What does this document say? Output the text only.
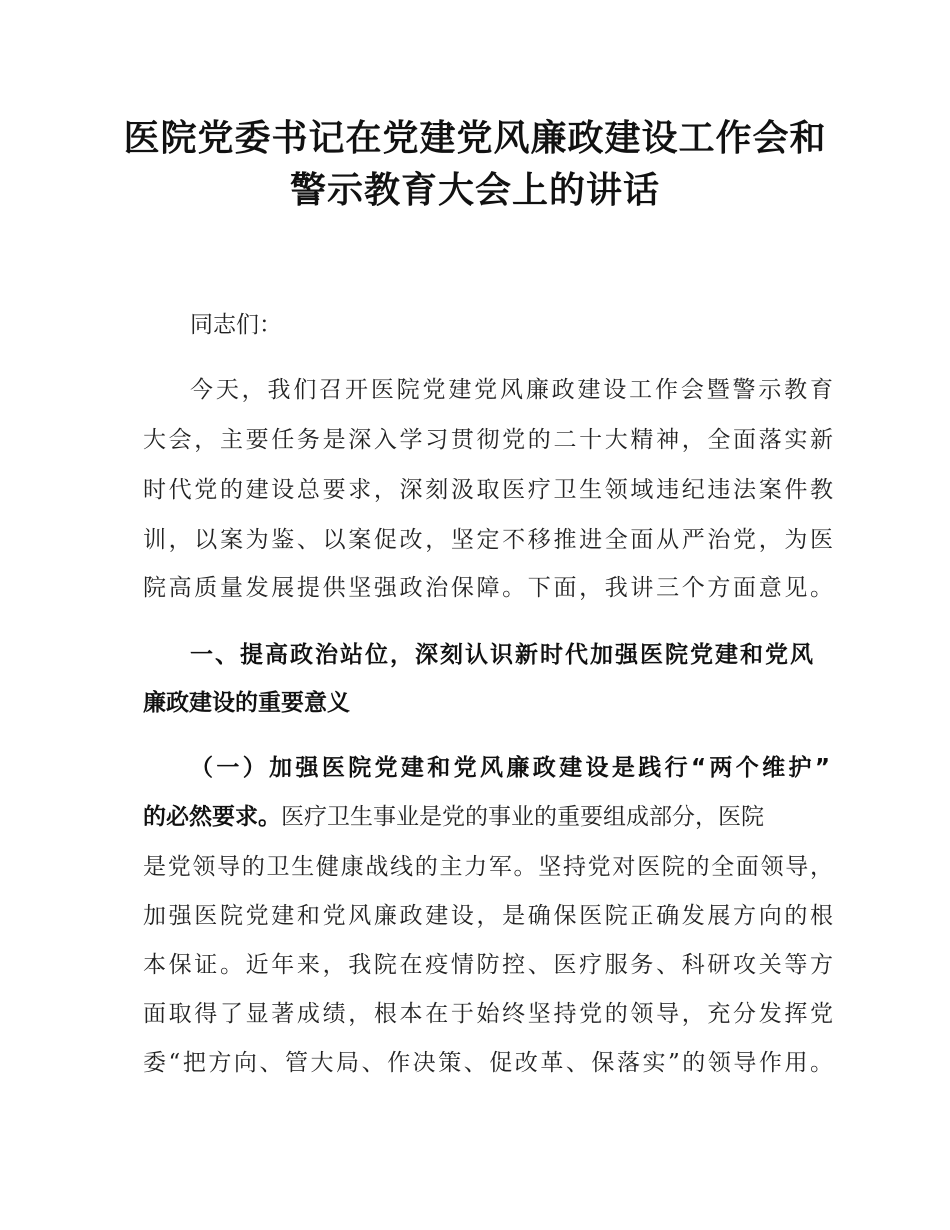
医院党委书记在党建党风廉政建设工作会和
警示教育大会上的讲话
同志们：
今天，我们召开医院党建党风廉政建设工作会暨警示教育
大会，主要任务是深入学习贯彻党的二十大精神，全面落实新
时代党的建设总要求，深刻汲取医疗卫生领域违纪违法案件教
训，以案为鉴、以案促改，坚定不移推进全面从严治党，为医
院高质量发展提供坚强政治保障。下面，我讲三个方面意见。
一、提高政治站位，深刻认识新时代加强医院党建和党风
廉政建设的重要意义
（一）加强医院党建和党风廉政建设是践行“两个维护”
的必然要求。医疗卫生事业是党的事业的重要组成部分，医院
是党领导的卫生健康战线的主力军。坚持党对医院的全面领导，
加强医院党建和党风廉政建设，是确保医院正确发展方向的根
本保证。近年来，我院在疫情防控、医疗服务、科研攻关等方
面取得了显著成绩，根本在于始终坚持党的领导，充分发挥党
委“把方向、管大局、作决策、促改革、保落实”的领导作用。
